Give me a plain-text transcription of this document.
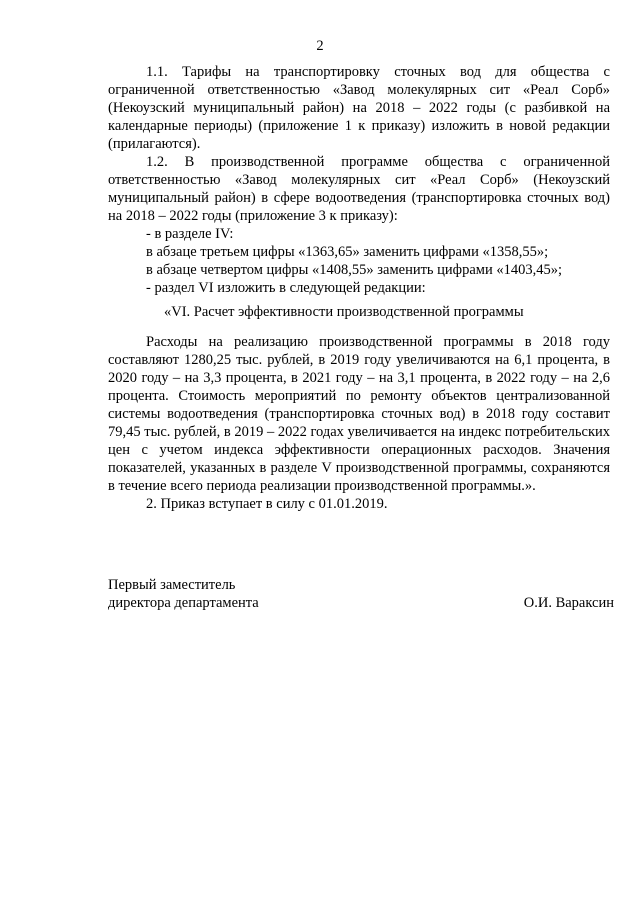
2

1.1. Тарифы на транспортировку сточных вод для общества с ограниченной ответственностью «Завод молекулярных сит «Реал Сорб» (Некоузский муниципальный район) на 2018 – 2022 годы (с разбивкой на календарные периоды) (приложение 1 к приказу) изложить в новой редакции (прилагаются).

1.2. В производственной программе общества с ограниченной ответственностью «Завод молекулярных сит «Реал Сорб» (Некоузский муниципальный район) в сфере водоотведения (транспортировка сточных вод) на 2018 – 2022 годы (приложение 3 к приказу):

- в разделе IV:

в абзаце третьем цифры «1363,65» заменить цифрами «1358,55»;

в абзаце четвертом цифры «1408,55» заменить цифрами «1403,45»;

- раздел VI изложить в следующей редакции:

«VI. Расчет эффективности производственной программы

Расходы на реализацию производственной программы в 2018 году составляют 1280,25 тыс. рублей, в 2019 году увеличиваются на 6,1 процента, в 2020 году – на 3,3 процента, в 2021 году – на 3,1 процента, в 2022 году – на 2,6 процента. Стоимость мероприятий по ремонту объектов централизованной системы водоотведения (транспортировка сточных вод) в 2018 году составит 79,45 тыс. рублей, в 2019 – 2022 годах увеличивается на индекс потребительских цен с учетом индекса эффективности операционных расходов. Значения показателей, указанных в разделе V производственной программы, сохраняются в течение всего периода реализации производственной программы.».

2. Приказ вступает в силу с 01.01.2019.

Первый заместитель
директора департамента	О.И. Вараксин
